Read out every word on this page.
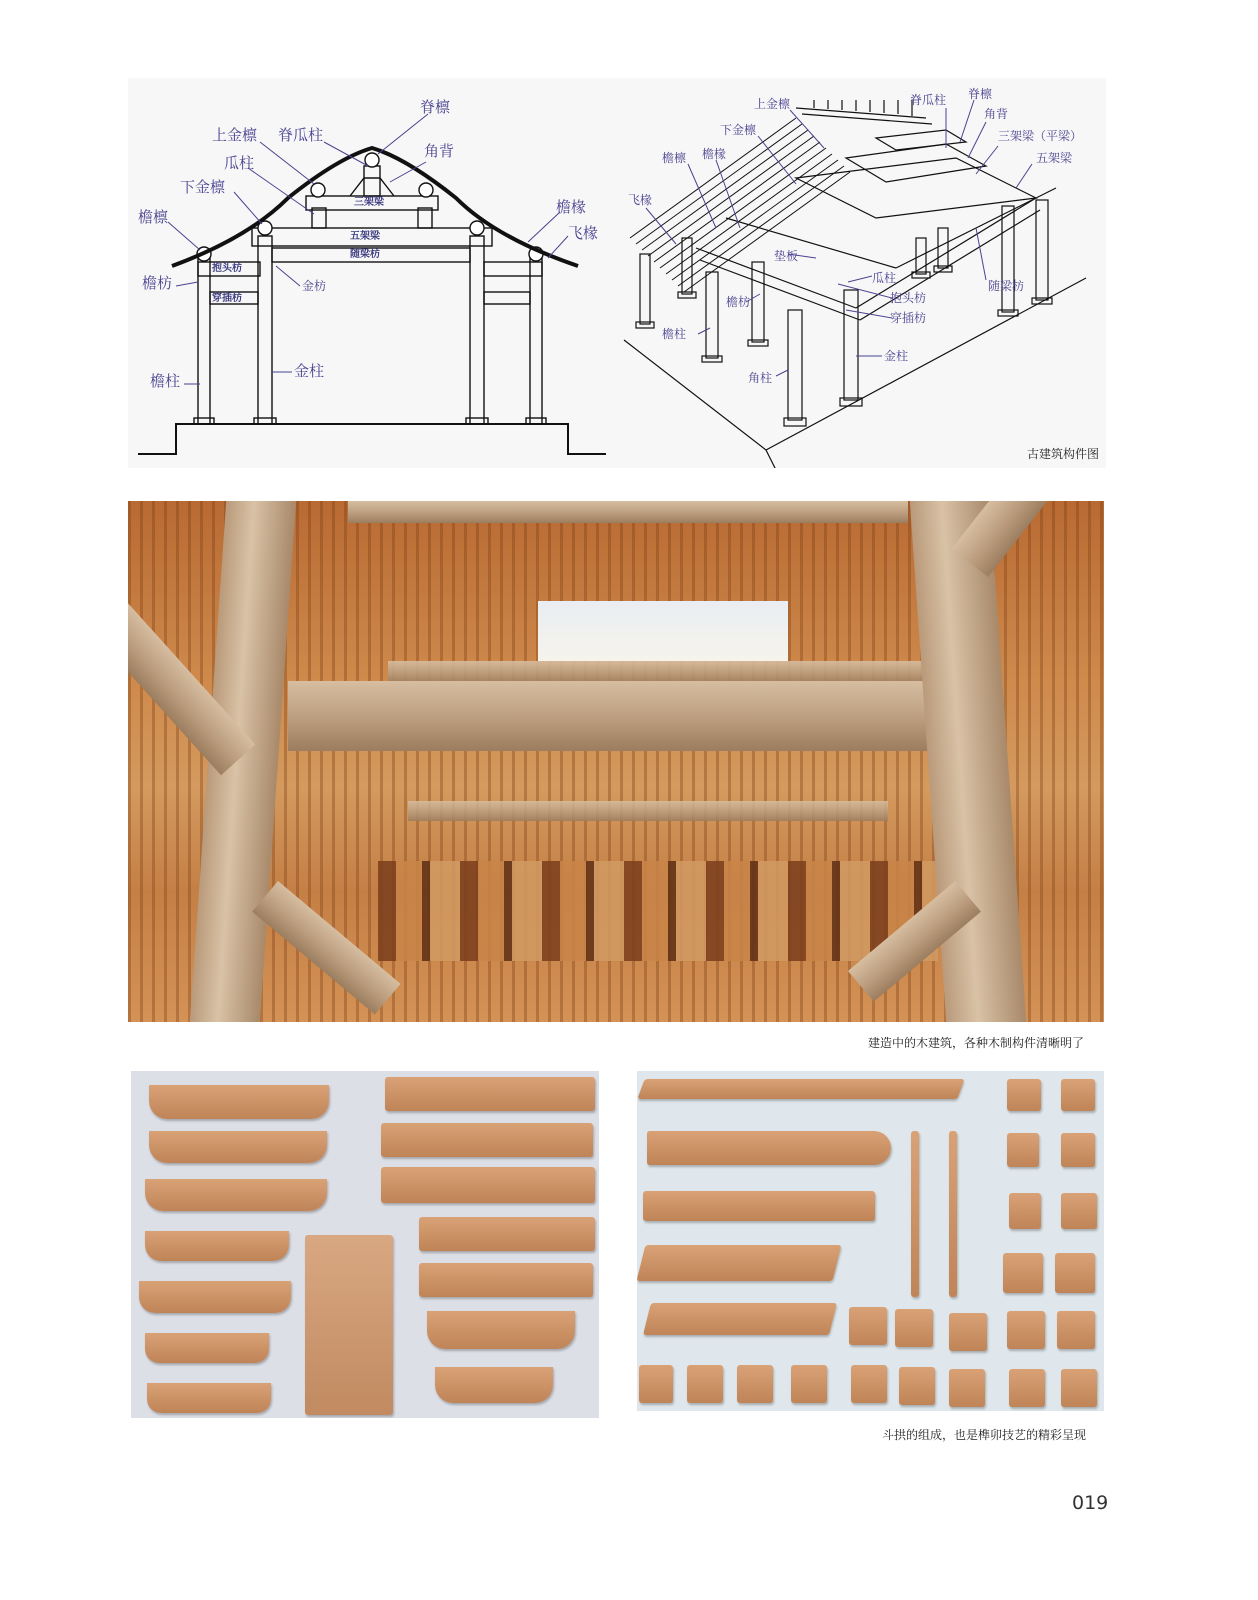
脊檩
上金檩 脊瓜柱
角背
瓜柱
下金檩
檐檩
檐椽
飞椽
檐枋	金枋
檐柱
金柱
三架梁
五架梁
随梁枋
抱头枋
穿插枋
上金檩	脊瓜柱 脊檩
角背
下金檩	三架梁（平梁）
檐檩 檐椽	五架梁
飞椽
垫板
瓜柱
随梁枋
抱头枋
檐枋
穿插枋
檐柱
金柱
角柱
古建筑构件图
建造中的木建筑，各种木制构件清晰明了
斗拱的组成，也是榫卯技艺的精彩呈现
019
